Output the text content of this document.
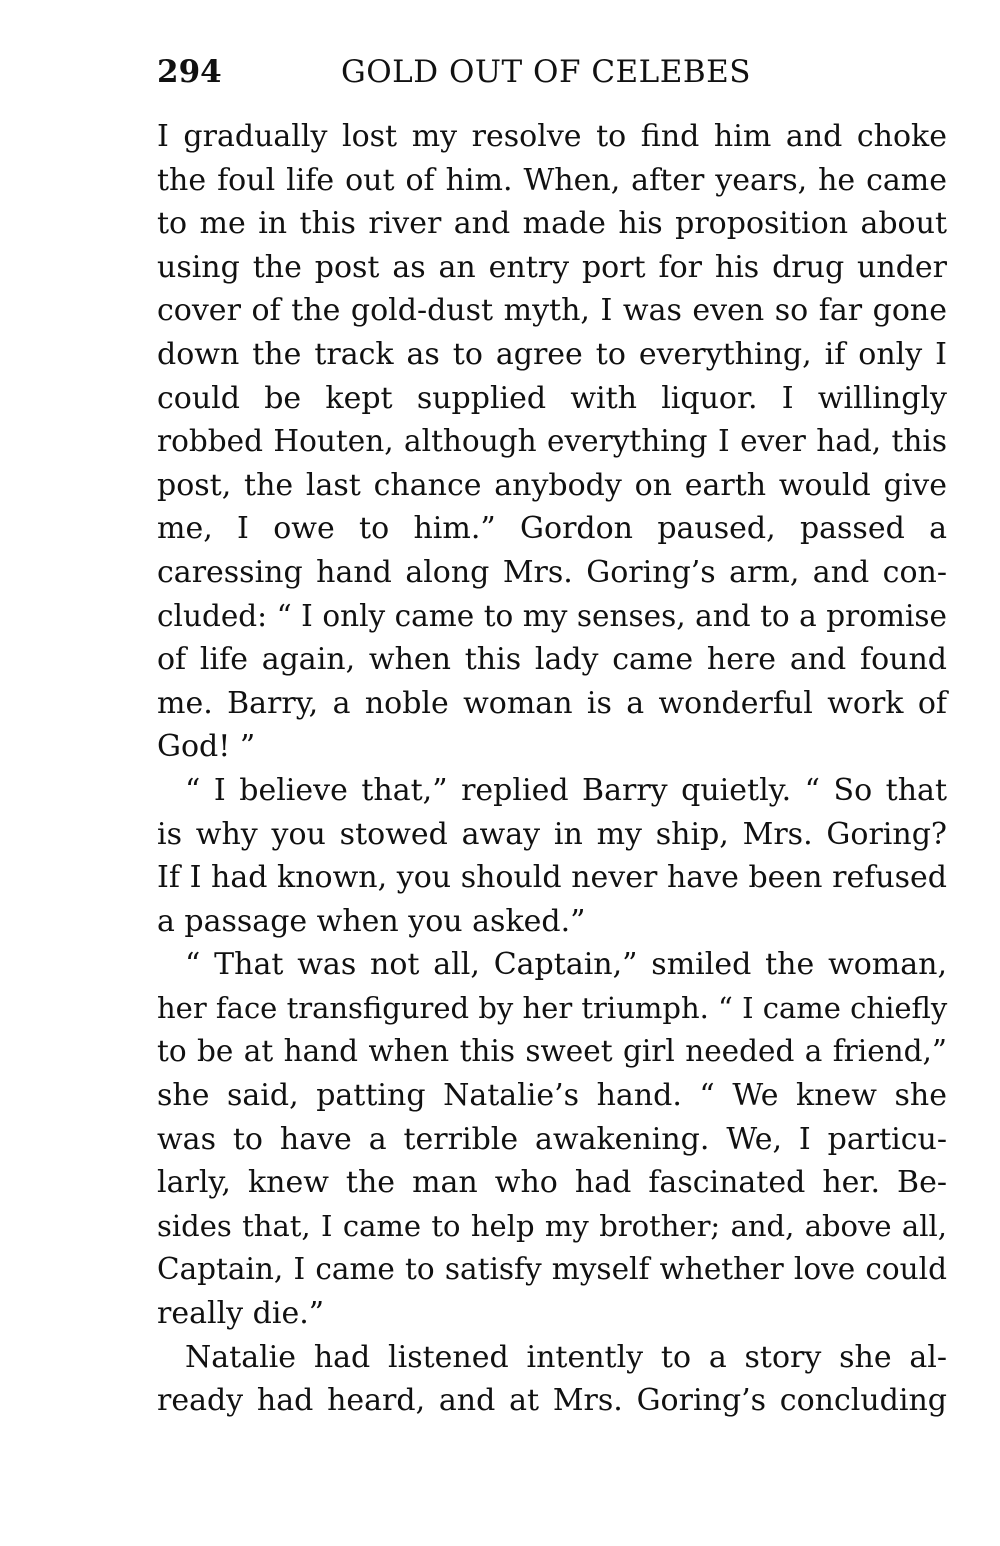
294	GOLD OUT OF CELEBES
I gradually lost my resolve to find him and choke
the foul life out of him. When, after years, he came
to me in this river and made his proposition about
using the post as an entry port for his drug under
cover of the gold-dust myth, I was even so far gone
down the track as to agree to everything, if only I
could be kept supplied with liquor. I willingly
robbed Houten, although everything I ever had, this
post, the last chance anybody on earth would give
me, I owe to him.” Gordon paused, passed a
caressing hand along Mrs. Goring’s arm, and con-
cluded: “ I only came to my senses, and to a promise
of life again, when this lady came here and found
me. Barry, a noble woman is a wonderful work of
God! ”
“ I believe that,” replied Barry quietly. “ So that
is why you stowed away in my ship, Mrs. Goring?
If I had known, you should never have been refused
a passage when you asked.”
“ That was not all, Captain,” smiled the woman,
her face transfigured by her triumph. “ I came chiefly
to be at hand when this sweet girl needed a friend,”
she said, patting Natalie’s hand. “ We knew she
was to have a terrible awakening. We, I particu-
larly, knew the man who had fascinated her. Be-
sides that, I came to help my brother; and, above all,
Captain, I came to satisfy myself whether love could
really die.”
Natalie had listened intently to a story she al-
ready had heard, and at Mrs. Goring’s concluding
